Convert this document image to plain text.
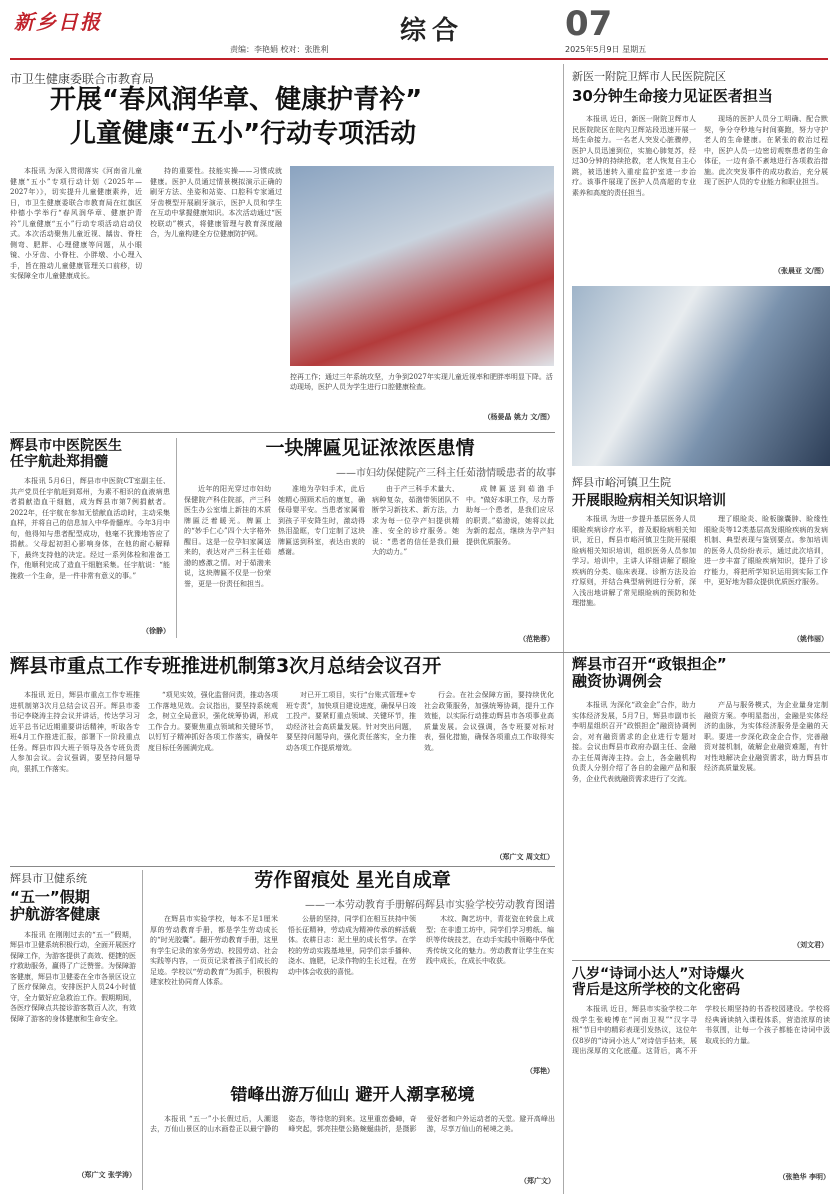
新乡日报
责编：李艳娟 校对：张胜利
综合	07
2025年5月9日 星期五
市卫生健康委联合市教育局
开展“春风润华章、健康护青衿”
儿童健康“五小”行动专项活动
本报讯 为深入贯彻落实《河南省儿童健康“五小”专项行动计划（2025年—2027年）》，切实提升儿童健康素养，近日，市卫生健康委联合市教育局在红旗区仲德小学举行“春风润华章、健康护青衿”儿童健康“五小”行动专项活动启动仪式。本次活动聚焦儿童近视、龋齿、脊柱侧弯、肥胖、心理健康等问题，从小眼镜、小牙齿、小脊柱、小胖墩、小心理入手，旨在推动儿童健康管理关口前移，切实保障全市儿童健康成长。
持的重要性。技能实操——习惯成就健康。医护人员通过情景模拟演示正确的刷牙方法、坐姿和站姿、口腔科专家通过牙齿模型开展刷牙演示，医护人员和学生在互动中掌握健康知识。本次活动通过“医校联动”模式，将健康管理与教育深度融合，为儿童构建全方位健康防护网。
控再工作；通过三年系统攻坚，力争到2027年实现儿童近视率和肥胖率明显下降。活动现场，医护人员为学生进行口腔健康检查。
（杨晏晶 姚力 文/图）
新医一附院卫辉市人民医院院区
30分钟生命接力见证医者担当
本报讯 近日，新医一附院卫辉市人民医院院区在院内卫辉站段迅速开展一场生命接力。一名老人突发心脏骤停，医护人员迅速到位，实施心肺复苏，经过30分钟的持续抢救，老人恢复自主心跳，被迅速转入重症监护室进一步治疗。该事件展现了医护人员高超的专业素养和高度的责任担当。
现场的医护人员分工明确、配合默契，争分夺秒地与时间赛跑，努力守护老人的生命健康。在紧张的救治过程中，医护人员一边密切观察患者的生命体征，一边有条不紊地进行各项救治措施。此次突发事件的成功救治，充分展现了医护人员的专业能力和职业担当。
（张晨亚 文/图）
辉县市中医院医生
任宇航赴郑捐髓
本报讯 5月6日，辉县市中医院CT室副主任、共产党员任宇航赶到郑州，为素不相识的血液病患者捐献造血干细胞，成为辉县市第7例捐献者。2022年，任宇航在参加无偿献血活动时，主动采集血样，并将自己的信息加入中华骨髓库。今年3月中旬，他得知与患者配型成功，他毫不犹豫地答应了捐献。父母起初担心影响身体，在他的耐心解释下，最终支持他的决定。经过一系列体检和准备工作，他顺利完成了造血干细胞采集。任宇航说：“能挽救一个生命，是一件非常有意义的事。”
（徐静）
一块牌匾见证浓浓医患情
——市妇幼保健院产三科主任茹渤情暖患者的故事
近年的阳光穿过市妇幼保健院产科住院部，产三科医生办公室墙上新挂的木质牌匾泛着暖光。牌匾上的“妙手仁心”四个大字格外醒目。这是一位孕妇家属送来的，表达对产三科主任茹渤的感激之情。对于茹渤来说，这块牌匾不仅是一份荣誉，更是一份责任和担当。
准地为孕妇手术，此后她精心照顾术后的康复，确保母婴平安。当患者家属看到孩子平安降生时，激动得热泪盈眶，专门定制了这块牌匾送到科室，表达由衷的感谢。
由于产三科手术量大、病种复杂，茹渤带领团队不断学习新技术、新方法，力求为每一位孕产妇提供精准、安全的诊疗服务。她说：“患者的信任是我们最大的动力。”
成牌匾送到茹渤手中。“做好本职工作，尽力帮助每一个患者，是我们应尽的职责。”茹渤说，她将以此为新的起点，继续为孕产妇提供优质服务。
（范艳蓉）
辉县市峪河镇卫生院
开展眼睑病相关知识培训
本报讯 为进一步提升基层医务人员眼睑疾病诊疗水平，普及眼睑病相关知识，近日，辉县市峪河镇卫生院开展眼睑病相关知识培训，组织医务人员参加学习。培训中，主讲人详细讲解了眼睑疾病的分类、临床表现、诊断方法及治疗原则，并结合典型病例进行分析，深入浅出地讲解了常见眼睑病的预防和处理措施。
理了眼睑炎、睑板腺囊肿、睑缘性眼睑炎等12类基层高发眼睑疾病的发病机制、典型表现与鉴别要点。参加培训的医务人员纷纷表示，通过此次培训，进一步丰富了眼睑疾病知识，提升了诊疗能力，将把所学知识运用到实际工作中，更好地为群众提供优质医疗服务。
（姚伟丽）
辉县市重点工作专班推进机制第3次月总结会议召开
本报讯 近日，辉县市重点工作专班推进机制第3次月总结会议召开。辉县市委书记李晓涛主持会议并讲话，传达学习习近平总书记近期重要讲话精神，听取各专班4月工作推进汇报，部署下一阶段重点任务。辉县市四大班子领导及各专班负责人参加会议。会议强调，要坚持问题导向，狠抓工作落实。
“项见实效，强化监督问责，推动各项工作落地见效。会议指出，要坚持系统观念，树立全局意识，强化统筹协调，形成工作合力。要聚焦重点领域和关键环节，以钉钉子精神抓好各项工作落实，确保年度目标任务圆满完成。
对已开工项目，实行“台账式管理+专班专责”，加快项目建设进度，确保早日竣工投产。要紧盯重点领域、关键环节，推动经济社会高质量发展。针对突出问题，要坚持问题导向，强化责任落实，全力推动各项工作提质增效。
行会。在社会保障方面，要持续优化社会政策服务，加强统筹协调，提升工作效能，以实际行动推动辉县市各项事业高质量发展。会议强调，各专班要对标对表，强化措施，确保各项重点工作取得实效。
（郑广文 周文红）
辉县市召开“政银担企”
融资协调例会
本报讯 为深化“政金企”合作，助力实体经济发展，5月7日，辉县市副市长李明星组织召开“政银担企”融资协调例会，对有融资需求的企业进行专题对接。会议由辉县市政府办副主任、金融办主任周海涛主持。会上，各金融机构负责人分别介绍了各自的金融产品和服务，企业代表就融资需求进行了交流。
产品与服务模式，为企业量身定制融资方案。李明星指出，金融是实体经济的血脉，为实体经济服务是金融的天职。要进一步深化政金企合作，完善融资对接机制，破解企业融资难题，有针对性地解决企业融资需求，助力辉县市经济高质量发展。
（刘文君）
辉县市卫健系统
“五一”假期
护航游客健康
本报讯 在刚刚过去的“五一”假期，辉县市卫健系统积极行动，全面开展医疗保障工作，为游客提供了高效、便捷的医疗救助服务，赢得了广泛赞誉。为保障游客健康，辉县市卫健委在全市各景区设立了医疗保障点，安排医护人员24小时值守，全力做好应急救治工作。假期期间，各医疗保障点共接诊游客数百人次，有效保障了游客的身体健康和生命安全。
（郑广文 张学涛）
劳作留痕处 星光自成章
——一本劳动教育手册解码辉县市实验学校劳动教育图谱
在辉县市实验学校，每本不足1厘米厚的劳动教育手册，都是学生劳动成长的“时光胶囊”。翻开劳动教育手册，这里有学生记录的家务劳动、校园劳动、社会实践等内容，一页页记录着孩子们成长的足迹。学校以“劳动教育”为抓手，积极构建家校社协同育人体系。
公册的坚持，同学们在相互扶持中领悟长征精神，劳动成为精神传承的鲜活载体。农耕日志：泥土里的成长哲学。在学校的劳动实践基地里，同学们亲手播种、浇水、施肥，记录作物的生长过程，在劳动中体会收获的喜悦。
木纹、陶艺坊中，青花瓷在转盘上成型；在非遗工坊中，同学们学习剪纸、编织等传统技艺，在动手实践中领略中华优秀传统文化的魅力。劳动教育让学生在实践中成长，在成长中收获。
（郑艳）
错峰出游万仙山 避开人潮享秘境
本报讯 “五一”小长假过后，人潮退去，万仙山景区的山水画卷正以最宁静的姿态，等待您的到来。这里重峦叠嶂，奇峰突起，郭亮挂壁公路蜿蜒曲折，是摄影爱好者和户外运动者的天堂。避开高峰出游，尽享万仙山的秘境之美。
（郑广文）
八岁“诗词小达人”对诗爆火
背后是这所学校的文化密码
本报讯 近日，辉县市实验学校二年级学生张峻博在“河南卫视”“汉字寻根”节目中的精彩表现引发热议，这位年仅8岁的“诗词小达人”对诗信手拈来，展现出深厚的文化底蕴。这背后，离不开学校长期坚持的书香校园建设。学校将经典诵读纳入课程体系，营造浓厚的读书氛围，让每一个孩子都能在诗词中汲取成长的力量。
（张艳华 李明）
